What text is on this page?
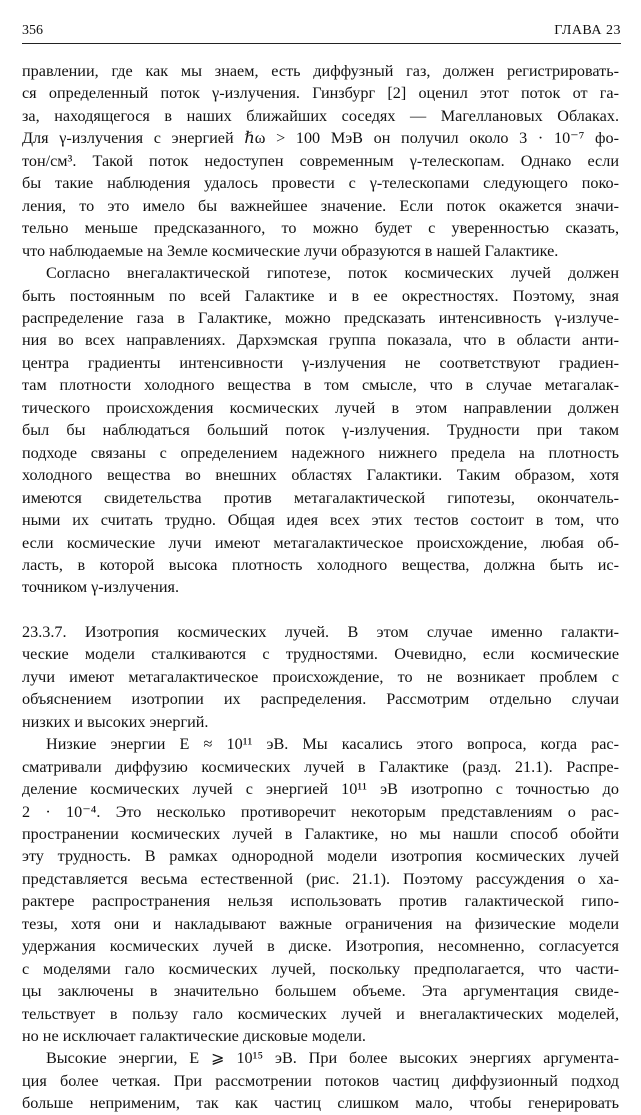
356	ГЛАВА 23
правлении, где как мы знаем, есть диффузный газ, должен регистрировать-
ся определенный поток γ-излучения. Гинзбург [2] оценил этот поток от га-
за, находящегося в наших ближайших соседях — Магеллановых Облаках.
Для γ-излучения с энергией ℏω > 100 МэВ он получил около 3 · 10⁻⁷ фо-
тон/см³. Такой поток недоступен современным γ-телескопам. Однако если
бы такие наблюдения удалось провести с γ-телескопами следующего поко-
ления, то это имело бы важнейшее значение. Если поток окажется значи-
тельно меньше предсказанного, то можно будет с уверенностью сказать,
что наблюдаемые на Земле космические лучи образуются в нашей Галактике.
Согласно внегалактической гипотезе, поток космических лучей должен
быть постоянным по всей Галактике и в ее окрестностях. Поэтому, зная
распределение газа в Галактике, можно предсказать интенсивность γ-излуче-
ния во всех направлениях. Дархэмская группа показала, что в области анти-
центра градиенты интенсивности γ-излучения не соответствуют градиен-
там плотности холодного вещества в том смысле, что в случае метагалак-
тического происхождения космических лучей в этом направлении должен
был бы наблюдаться больший поток γ-излучения. Трудности при таком
подходе связаны с определением надежного нижнего предела на плотность
холодного вещества во внешних областях Галактики. Таким образом, хотя
имеются свидетельства против метагалактической гипотезы, окончатель-
ными их считать трудно. Общая идея всех этих тестов состоит в том, что
если космические лучи имеют метагалактическое происхождение, любая об-
ласть, в которой высока плотность холодного вещества, должна быть ис-
точником γ-излучения.
23.3.7. Изотропия космических лучей. В этом случае именно галакти-
ческие модели сталкиваются с трудностями. Очевидно, если космические
лучи имеют метагалактическое происхождение, то не возникает проблем с
объяснением изотропии их распределения. Рассмотрим отдельно случаи
низких и высоких энергий.
Низкие энергии E ≈ 10¹¹ эВ. Мы касались этого вопроса, когда рас-
сматривали диффузию космических лучей в Галактике (разд. 21.1). Распре-
деление космических лучей с энергией 10¹¹ эВ изотропно с точностью до
2 · 10⁻⁴. Это несколько противоречит некоторым представлениям о рас-
пространении космических лучей в Галактике, но мы нашли способ обойти
эту трудность. В рамках однородной модели изотропия космических лучей
представляется весьма естественной (рис. 21.1). Поэтому рассуждения о ха-
рактере распространения нельзя использовать против галактической гипо-
тезы, хотя они и накладывают важные ограничения на физические модели
удержания космических лучей в диске. Изотропия, несомненно, согласуется
с моделями гало космических лучей, поскольку предполагается, что части-
цы заключены в значительно большем объеме. Эта аргументация свиде-
тельствует в пользу гало космических лучей и внегалактических моделей,
но не исключает галактические дисковые модели.
Высокие энергии, E ⩾ 10¹⁵ эВ. При более высоких энергиях аргумента-
ция более четкая. При рассмотрении потоков частиц диффузионный подход
больше неприменим, так как частиц слишком мало, чтобы генерировать
